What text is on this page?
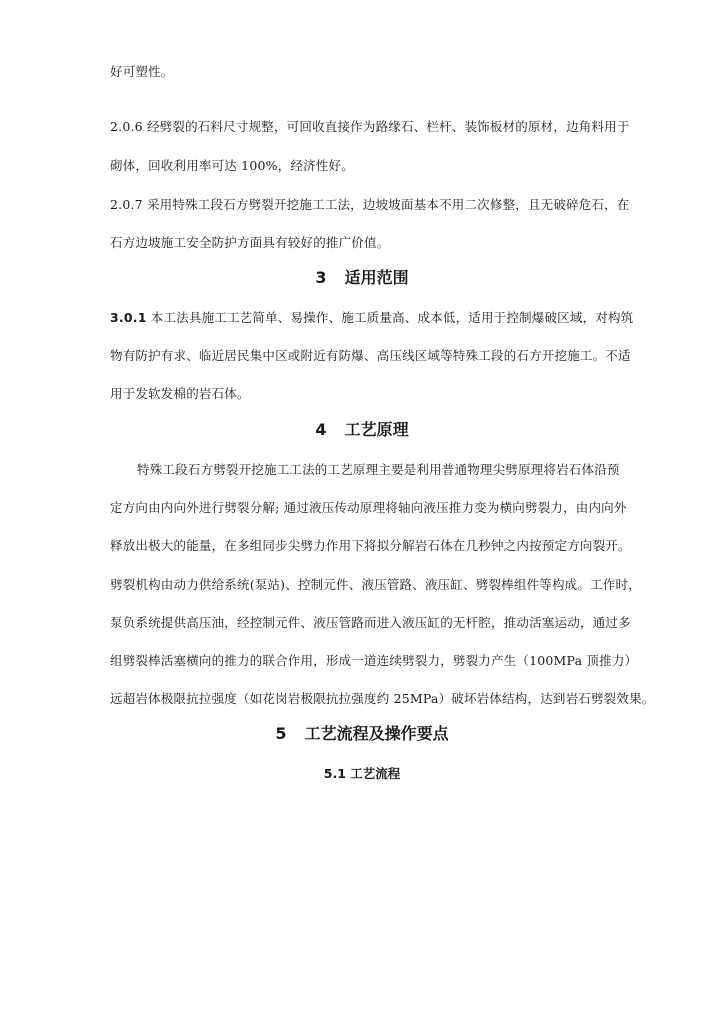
好可塑性。
2.0.6 经劈裂的石料尺寸规整，可回收直接作为路缘石、栏杆、装饰板材的原材，边角料用于
砌体，回收利用率可达 100%，经济性好。
2.0.7 采用特殊工段石方劈裂开挖施工工法，边坡坡面基本不用二次修整，且无破碎危石，在
石方边坡施工安全防护方面具有较好的推广价值。
3 适用范围
3.0.1 本工法具施工工艺简单、易操作、施工质量高、成本低，适用于控制爆破区域，对构筑
物有防护有求、临近居民集中区或附近有防爆、高压线区域等特殊工段的石方开挖施工。不适
用于发软发棉的岩石体。
4 工艺原理
特殊工段石方劈裂开挖施工工法的工艺原理主要是利用普通物理尖劈原理将岩石体沿预
定方向由内向外进行劈裂分解; 通过液压传动原理将轴向液压推力变为横向劈裂力，由内向外
释放出极大的能量，在多组同步尖劈力作用下将拟分解岩石体在几秒钟之内按预定方向裂开。
劈裂机构由动力供给系统(泵站)、控制元件、液压管路、液压缸、劈裂棒组件等构成。工作时，
泵负系统提供高压油，经控制元件、液压管路而进入液压缸的无杆腔，推动活塞运动，通过多
组劈裂棒活塞横向的推力的联合作用，形成一道连续劈裂力，劈裂力产生（100MPa 顶推力）
远超岩体极限抗拉强度（如花岗岩极限抗拉强度约 25MPa）破坏岩体结构，达到岩石劈裂效果。
5 工艺流程及操作要点
5.1 工艺流程
